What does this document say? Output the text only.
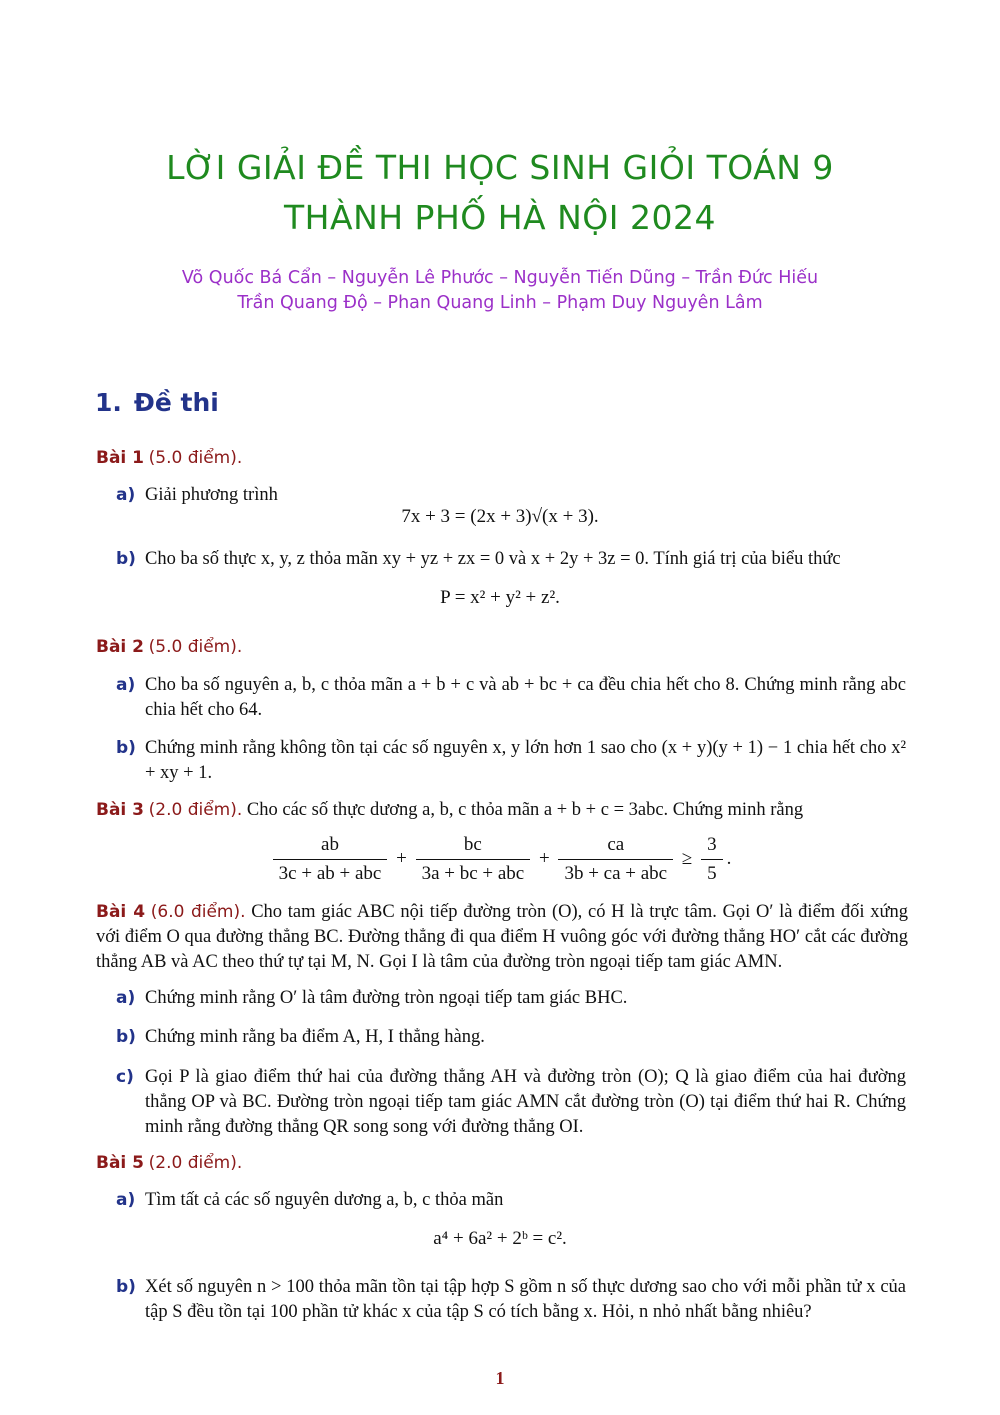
LỜI GIẢI ĐỀ THI HỌC SINH GIỎI TOÁN 9
THÀNH PHỐ HÀ NỘI 2024
Võ Quốc Bá Cẩn – Nguyễn Lê Phước – Nguyễn Tiến Dũng – Trần Đức Hiếu
Trần Quang Độ – Phan Quang Linh – Phạm Duy Nguyên Lâm
1. Đề thi
Bài 1 (5.0 điểm).
a) Giải phương trình
7x + 3 = (2x + 3)√(x + 3).
b) Cho ba số thực x, y, z thỏa mãn xy + yz + zx = 0 và x + 2y + 3z = 0. Tính giá trị của biểu thức
P = x² + y² + z².
Bài 2 (5.0 điểm).
a) Cho ba số nguyên a, b, c thỏa mãn a + b + c và ab + bc + ca đều chia hết cho 8. Chứng minh rằng abc chia hết cho 64.
b) Chứng minh rằng không tồn tại các số nguyên x, y lớn hơn 1 sao cho (x + y)(y + 1) − 1 chia hết cho x² + xy + 1.
Bài 3 (2.0 điểm). Cho các số thực dương a, b, c thỏa mãn a + b + c = 3abc. Chứng minh rằng
$\frac{ab}{\text{3c + ab + abc}} + \frac{bc}{\text{3a + bc + abc}} + \frac{ca}{\text{3b + ca + abc}} \ge \frac{3}{5}$ .
Bài 4 (6.0 điểm). Cho tam giác ABC nội tiếp đường tròn (O), có H là trực tâm. Gọi O′ là điểm đối xứng với điểm O qua đường thẳng BC. Đường thẳng đi qua điểm H vuông góc với đường thẳng HO′ cắt các đường thẳng AB và AC theo thứ tự tại M, N. Gọi I là tâm của đường tròn ngoại tiếp tam giác AMN.
a) Chứng minh rằng O′ là tâm đường tròn ngoại tiếp tam giác BHC.
b) Chứng minh rằng ba điểm A, H, I thẳng hàng.
c) Gọi P là giao điểm thứ hai của đường thẳng AH và đường tròn (O); Q là giao điểm của hai đường thẳng OP và BC. Đường tròn ngoại tiếp tam giác AMN cắt đường tròn (O) tại điểm thứ hai R. Chứng minh rằng đường thẳng QR song song với đường thẳng OI.
Bài 5 (2.0 điểm).
a) Tìm tất cả các số nguyên dương a, b, c thỏa mãn
a⁴ + 6a² + 2ᵇ = c².
b) Xét số nguyên n > 100 thỏa mãn tồn tại tập hợp S gồm n số thực dương sao cho với mỗi phần tử x của tập S đều tồn tại 100 phần tử khác x của tập S có tích bằng x. Hỏi, n nhỏ nhất bằng nhiêu?
1
